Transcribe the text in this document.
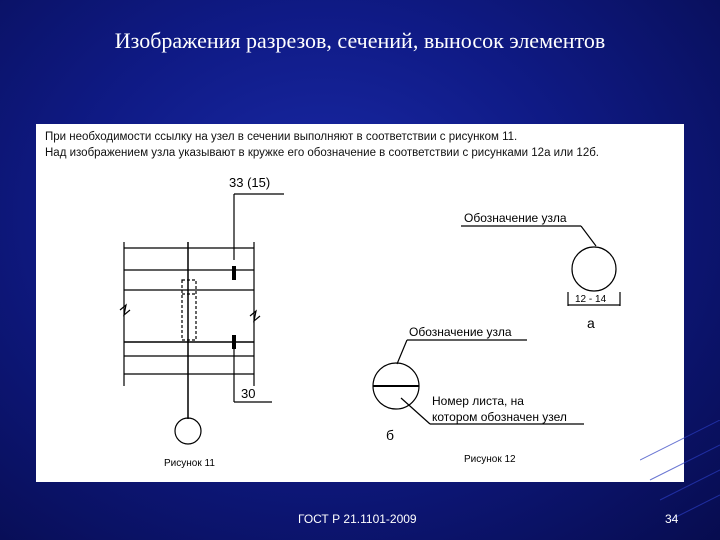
Изображения разрезов, сечений, выносок элементов
При необходимости ссылку на узел в сечении выполняют в соответствии с рисунком 11.
Над изображением узла указывают в кружке его обозначение в соответствии с рисунками 12а или 12б.
33 (15)
30
Рисунок 11
Обозначение узла
12 - 14
а
Обозначение узла
Номер листа, на
котором обозначен узел
б
Рисунок 12
ГОСТ Р 21.1101-2009	34
